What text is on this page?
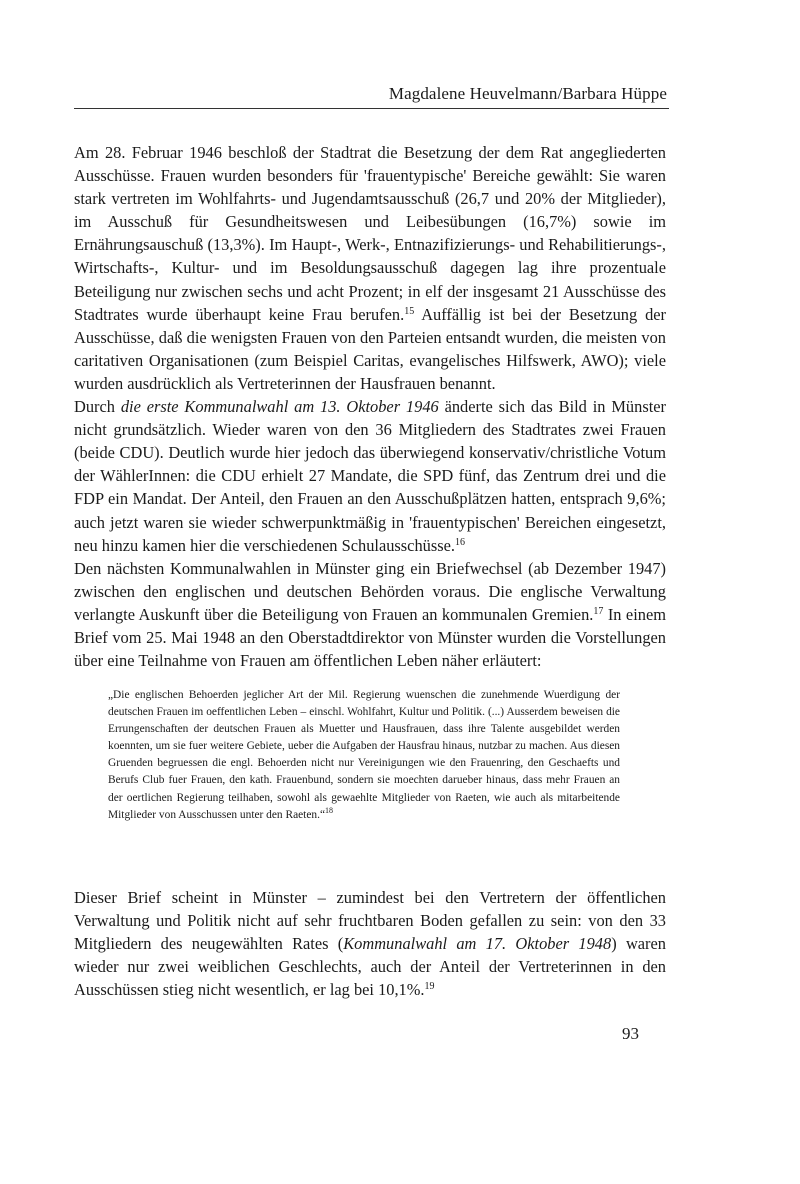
Magdalene Heuvelmann/Barbara Hüppe

Am 28. Februar 1946 beschloß der Stadtrat die Besetzung der dem Rat angegliederten Ausschüsse. Frauen wurden besonders für 'frauentypische' Bereiche gewählt: Sie waren stark vertreten im Wohlfahrts- und Jugendamtsausschuß (26,7 und 20% der Mitglieder), im Ausschuß für Gesundheitswesen und Leibesübungen (16,7%) sowie im Ernährungsauschuß (13,3%). Im Haupt-, Werk-, Entnazifizierungs- und Rehabilitierungs-, Wirtschafts-, Kultur- und im Besoldungsausschuß dagegen lag ihre prozentuale Beteiligung nur zwischen sechs und acht Prozent; in elf der insgesamt 21 Ausschüsse des Stadtrates wurde überhaupt keine Frau berufen.$^{15}$ Auffällig ist bei der Besetzung der Ausschüsse, daß die wenigsten Frauen von den Parteien entsandt wurden, die meisten von caritativen Organisationen (zum Beispiel Caritas, evangelisches Hilfswerk, AWO); viele wurden ausdrücklich als Vertreterinnen der Hausfrauen benannt.

Durch die erste Kommunalwahl am 13. Oktober 1946 änderte sich das Bild in Münster nicht grundsätzlich. Wieder waren von den 36 Mitgliedern des Stadtrates zwei Frauen (beide CDU). Deutlich wurde hier jedoch das überwiegend konservativ/christliche Votum der WählerInnen: die CDU erhielt 27 Mandate, die SPD fünf, das Zentrum drei und die FDP ein Mandat. Der Anteil, den Frauen an den Ausschußplätzen hatten, entsprach 9,6%; auch jetzt waren sie wieder schwerpunktmäßig in 'frauentypischen' Bereichen eingesetzt, neu hinzu kamen hier die verschiedenen Schulausschüsse.$^{16}$

Den nächsten Kommunalwahlen in Münster ging ein Briefwechsel (ab Dezember 1947) zwischen den englischen und deutschen Behörden voraus. Die englische Verwaltung verlangte Auskunft über die Beteiligung von Frauen an kommunalen Gremien.$^{17}$ In einem Brief vom 25. Mai 1948 an den Oberstadtdirektor von Münster wurden die Vorstellungen über eine Teilnahme von Frauen am öffentlichen Leben näher erläutert:

„Die englischen Behoerden jeglicher Art der Mil. Regierung wuenschen die zunehmende Wuerdigung der deutschen Frauen im oeffentlichen Leben – einschl. Wohlfahrt, Kultur und Politik. (...) Ausserdem beweisen die Errungenschaften der deutschen Frauen als Muetter und Hausfrauen, dass ihre Talente ausgebildet werden koennten, um sie fuer weitere Gebiete, ueber die Aufgaben der Hausfrau hinaus, nutzbar zu machen. Aus diesen Gruenden begruessen die engl. Behoerden nicht nur Vereinigungen wie den Frauenring, den Geschaefts und Berufs Club fuer Frauen, den kath. Frauenbund, sondern sie moechten darueber hinaus, dass mehr Frauen an der oertlichen Regierung teilhaben, sowohl als gewaehlte Mitglieder von Raeten, wie auch als mitarbeitende Mitglieder von Ausschussen unter den Raeten.“$^{18}$

Dieser Brief scheint in Münster – zumindest bei den Vertretern der öffentlichen Verwaltung und Politik nicht auf sehr fruchtbaren Boden gefallen zu sein: von den 33 Mitgliedern des neugewählten Rates (Kommunalwahl am 17. Oktober 1948) waren wieder nur zwei weiblichen Geschlechts, auch der Anteil der Vertreterinnen in den Ausschüssen stieg nicht wesentlich, er lag bei 10,1%.$^{19}$

93
